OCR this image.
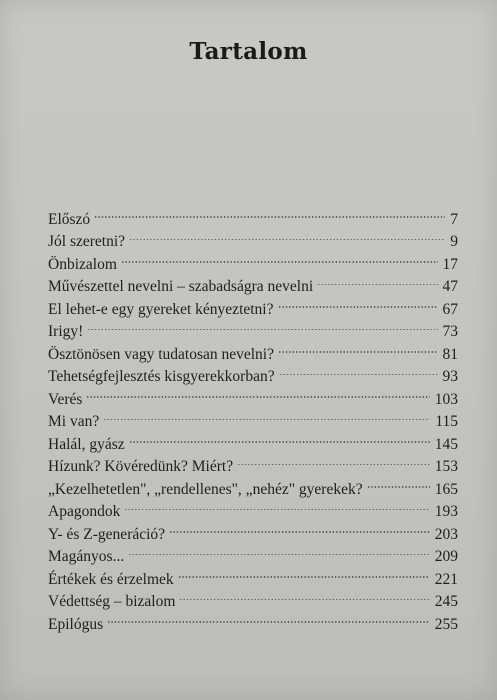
Tartalom
Előszó	7
Jól szeretni?	9
Önbizalom	17
Művészettel nevelni – szabadságra nevelni	47
El lehet-e egy gyereket kényeztetni?	67
Irigy!	73
Ösztönösen vagy tudatosan nevelni?	81
Tehetségfejlesztés kisgyerekkorban?	93
Verés	103
Mi van?	115
Halál, gyász	145
Hízunk? Kövéredünk? Miért?	153
„Kezelhetetlen", „rendellenes", „nehéz" gyerekek?	165
Apagondok	193
Y- és Z-generáció?	203
Magányos...	209
Értékek és érzelmek	221
Védettség – bizalom	245
Epilógus	255
